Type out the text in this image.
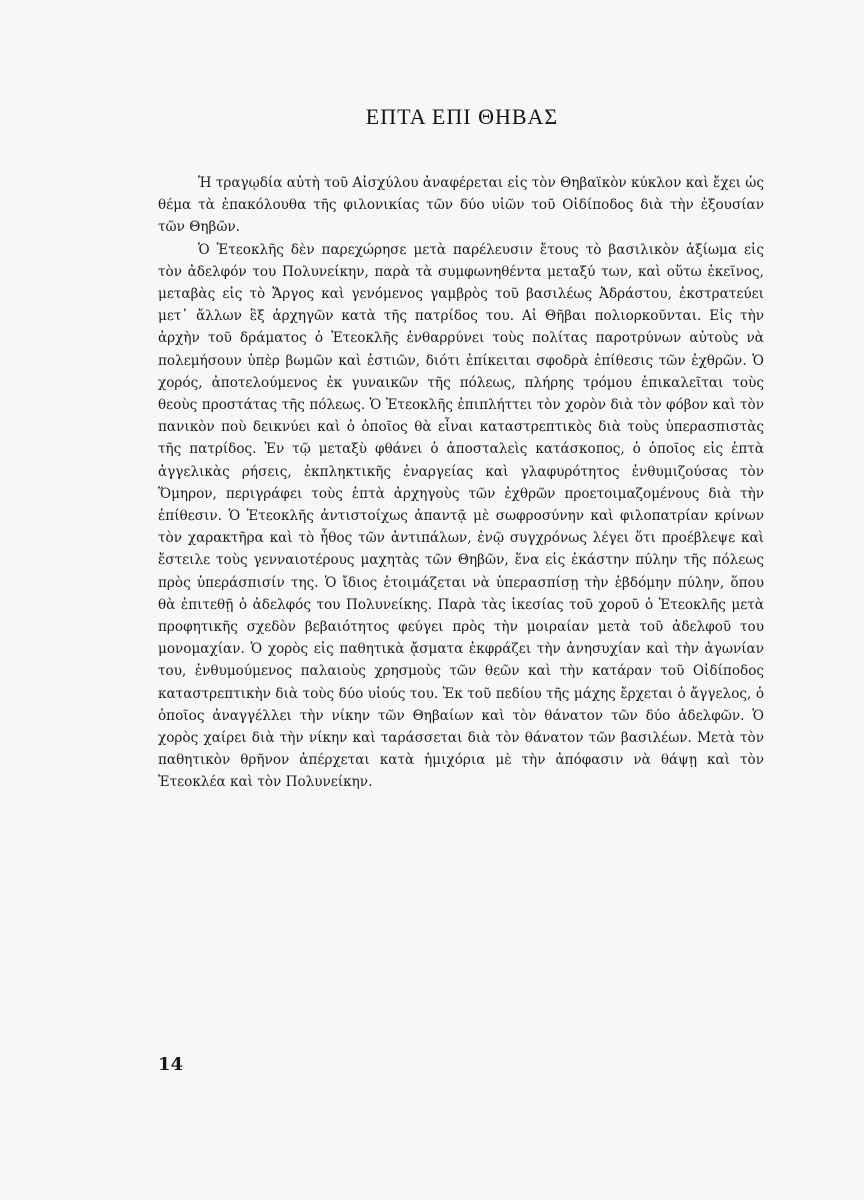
ΕΠΤΑ ΕΠΙ ΘΗΒΑΣ

Ἡ τραγῳδία αὐτὴ τοῦ Αἰσχύλου ἀναφέρεται εἰς τὸν Θηβαϊκὸν κύκλον καὶ ἔχει ὡς θέμα τὰ ἐπακόλουθα τῆς φιλονικίας τῶν δύο υἱῶν τοῦ Οἰδίποδος διὰ τὴν ἐξουσίαν τῶν Θηβῶν.

Ὁ Ἐτεοκλῆς δὲν παρεχώρησε μετὰ παρέλευσιν ἔτους τὸ βασιλικὸν ἀξίωμα εἰς τὸν ἀδελφόν του Πολυνείκην, παρὰ τὰ συμφωνηθέντα μεταξύ των, καὶ οὕτω ἐκεῖνος, μεταβὰς εἰς τὸ Ἄργος καὶ γενόμενος γαμβρὸς τοῦ βασιλέως Ἀδράστου, ἐκστρατεύει μετ᾽ ἄλλων ἓξ ἀρχηγῶν κατὰ τῆς πατρίδος του. Αἱ Θῆβαι πολιορκοῦνται. Εἰς τὴν ἀρχὴν τοῦ δράματος ὁ Ἐτεοκλῆς ἐνθαρρύνει τοὺς πολίτας παροτρύνων αὐτοὺς νὰ πολεμήσουν ὑπὲρ βωμῶν καὶ ἑστιῶν, διότι ἐπίκειται σφοδρὰ ἐπίθεσις τῶν ἐχθρῶν. Ὁ χορός, ἀποτελούμενος ἐκ γυναικῶν τῆς πόλεως, πλήρης τρόμου ἐπικαλεῖται τοὺς θεοὺς προστάτας τῆς πόλεως. Ὁ Ἐτεοκλῆς ἐπιπλήττει τὸν χορὸν διὰ τὸν φόβον καὶ τὸν πανικὸν ποὺ δεικνύει καὶ ὁ ὁποῖος θὰ εἶναι καταστρεπτικὸς διὰ τοὺς ὑπερασπιστὰς τῆς πατρίδος. Ἐν τῷ μεταξὺ φθάνει ὁ ἀποσταλεὶς κατάσκοπος, ὁ ὁποῖος εἰς ἑπτὰ ἀγγελικὰς ρήσεις, ἐκπληκτικῆς ἐναργείας καὶ γλαφυρότητος ἐνθυμιζούσας τὸν Ὅμηρον, περιγράφει τοὺς ἑπτὰ ἀρχηγοὺς τῶν ἐχθρῶν προετοιμαζομένους διὰ τὴν ἐπίθεσιν. Ὁ Ἐτεοκλῆς ἀντιστοίχως ἀπαντᾷ μὲ σωφροσύνην καὶ φιλοπατρίαν κρίνων τὸν χαρακτῆρα καὶ τὸ ἦθος τῶν ἀντιπάλων, ἐνῷ συγχρόνως λέγει ὅτι προέβλεψε καὶ ἔστειλε τοὺς γενναιοτέρους μαχητὰς τῶν Θηβῶν, ἕνα εἰς ἑκάστην πύλην τῆς πόλεως πρὸς ὑπεράσπισίν της. Ὁ ἴδιος ἑτοιμάζεται νὰ ὑπερασπίσῃ τὴν ἑβδόμην πύλην, ὅπου θὰ ἐπιτεθῇ ὁ ἀδελφός του Πολυνείκης. Παρὰ τὰς ἱκεσίας τοῦ χοροῦ ὁ Ἐτεοκλῆς μετὰ προφητικῆς σχεδὸν βεβαιότητος φεύγει πρὸς τὴν μοιραίαν μετὰ τοῦ ἀδελφοῦ του μονομαχίαν. Ὁ χορὸς εἰς παθητικὰ ᾄσματα ἐκφράζει τὴν ἀνησυχίαν καὶ τὴν ἀγωνίαν του, ἐνθυμούμενος παλαιοὺς χρησμοὺς τῶν θεῶν καὶ τὴν κατάραν τοῦ Οἰδίποδος καταστρεπτικὴν διὰ τοὺς δύο υἱούς του. Ἐκ τοῦ πεδίου τῆς μάχης ἔρχεται ὁ ἄγγελος, ὁ ὁποῖος ἀναγγέλλει τὴν νίκην τῶν Θηβαίων καὶ τὸν θάνατον τῶν δύο ἀδελφῶν. Ὁ χορὸς χαίρει διὰ τὴν νίκην καὶ ταράσσεται διὰ τὸν θάνατον τῶν βασιλέων. Μετὰ τὸν παθητικὸν θρῆνον ἀπέρχεται κατὰ ἡμιχόρια μὲ τὴν ἀπόφασιν νὰ θάψῃ καὶ τὸν Ἐτεοκλέα καὶ τὸν Πολυνείκην.

14
